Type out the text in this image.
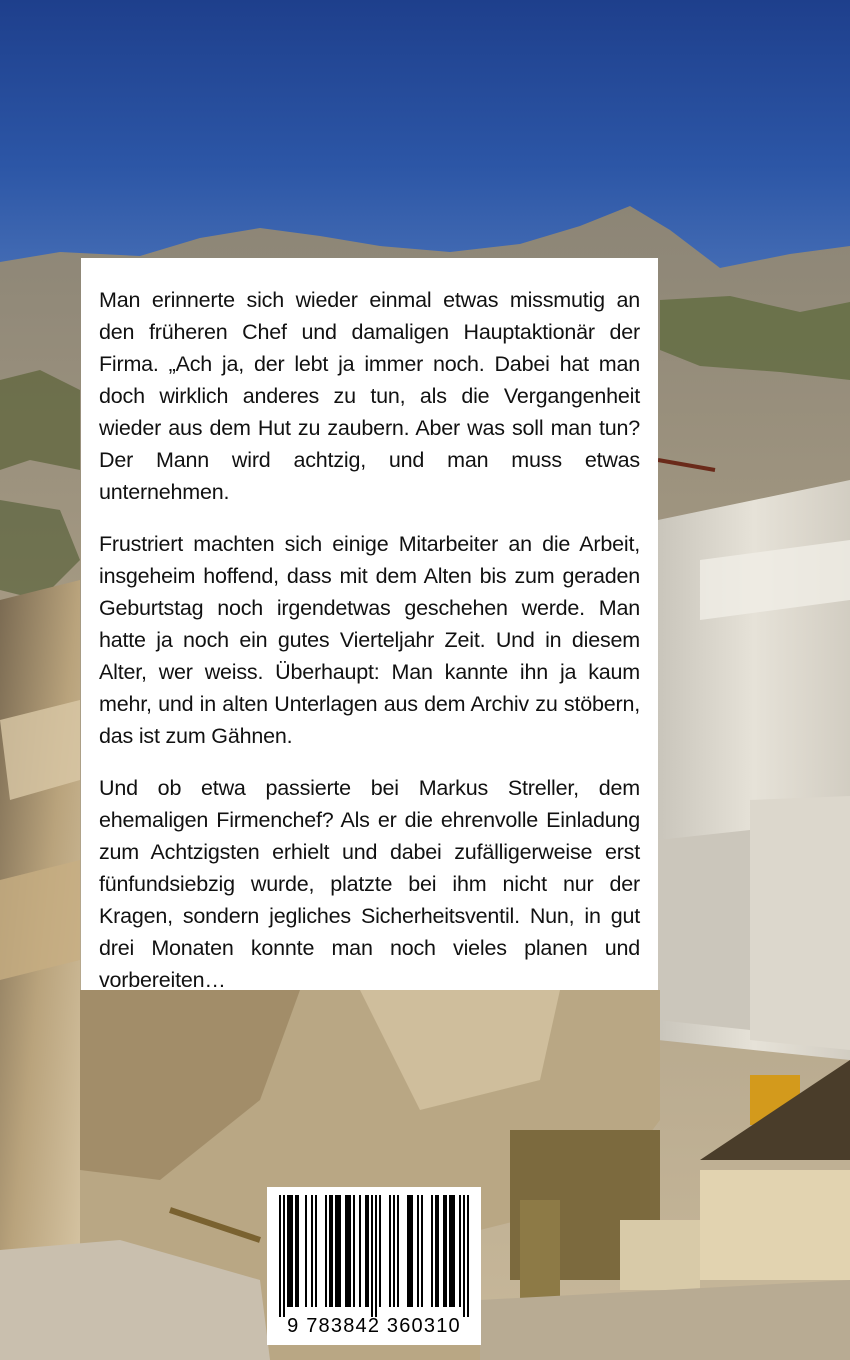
Man erinnerte sich wieder einmal etwas missmutig an den früheren Chef und damaligen Hauptaktionär der Firma. „Ach ja, der lebt ja immer noch. Dabei hat man doch wirklich anderes zu tun, als die Vergangenheit wieder aus dem Hut zu zaubern. Aber was soll man tun? Der Mann wird achtzig, und man muss etwas unternehmen.

Frustriert machten sich einige Mitarbeiter an die Arbeit, insgeheim hoffend, dass mit dem Alten bis zum geraden Geburtstag noch irgendetwas geschehen werde. Man hatte ja noch ein gutes Vierteljahr Zeit. Und in diesem Alter, wer weiss. Überhaupt: Man kannte ihn ja kaum mehr, und in alten Unterlagen aus dem Archiv zu stöbern, das ist zum Gähnen.

Und ob etwa passierte bei Markus Streller, dem ehemaligen Firmenchef? Als er die ehrenvolle Einladung zum Achtzigsten erhielt und dabei zufälligerweise erst fünfundsiebzig wurde, platzte bei ihm nicht nur der Kragen, sondern jegliches Sicherheitsventil. Nun, in gut drei Monaten konnte man noch vieles planen und vorbereiten…

9 783842 360310
